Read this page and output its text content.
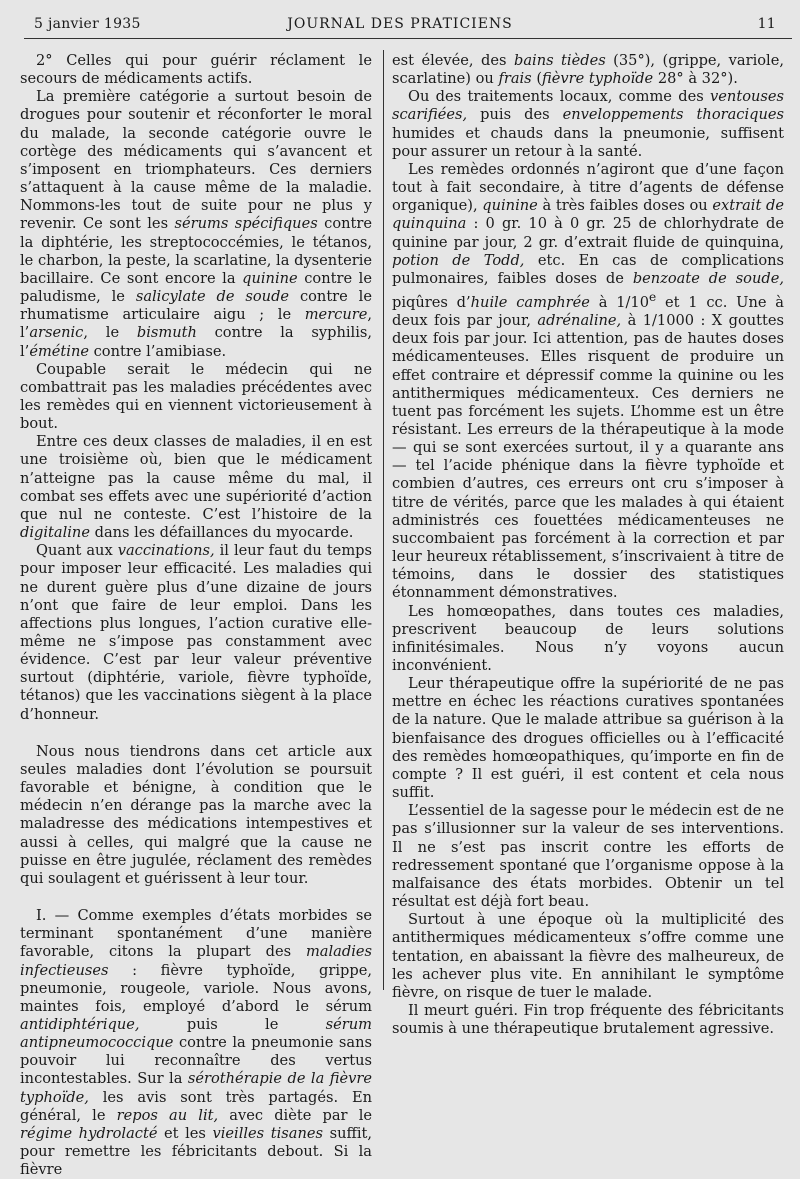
5 janvier 1935	JOURNAL DES PRATICIENS	11

2° Celles qui pour guérir réclament le secours de médicaments actifs.

La première catégorie a surtout besoin de drogues pour soutenir et réconforter le moral du malade, la seconde catégorie ouvre le cortège des médicaments qui s’avancent et s’imposent en triomphateurs. Ces derniers s’attaquent à la cause même de la maladie. Nommons-les tout de suite pour ne plus y revenir. Ce sont les sérums spécifiques contre la diphtérie, les streptococcémies, le tétanos, le charbon, la peste, la scarlatine, la dysenterie bacillaire. Ce sont encore la quinine contre le paludisme, le salicylate de soude contre le rhumatisme articulaire aigu ; le mercure, l’arsenic, le bismuth contre la syphilis, l’émétine contre l’amibiase.

Coupable serait le médecin qui ne combattrait pas les maladies précédentes avec les remèdes qui en viennent victorieusement à bout.

Entre ces deux classes de maladies, il en est une troisième où, bien que le médicament n’atteigne pas la cause même du mal, il combat ses effets avec une supériorité d’action que nul ne conteste. C’est l’histoire de la digitaline dans les défaillances du myocarde.

Quant aux vaccinations, il leur faut du temps pour imposer leur efficacité. Les maladies qui ne durent guère plus d’une dizaine de jours n’ont que faire de leur emploi. Dans les affections plus longues, l’action curative elle-même ne s’impose pas constamment avec évidence. C’est par leur valeur préventive surtout (diphtérie, variole, fièvre typhoïde, tétanos) que les vaccinations siègent à la place d’honneur.

Nous nous tiendrons dans cet article aux seules maladies dont l’évolution se poursuit favorable et bénigne, à condition que le médecin n’en dérange pas la marche avec la maladresse des médications intempestives et aussi à celles, qui malgré que la cause ne puisse en être jugulée, réclament des remèdes qui soulagent et guérissent à leur tour.

I. — Comme exemples d’états morbides se terminant spontanément d’une manière favorable, citons la plupart des maladies infectieuses : fièvre typhoïde, grippe, pneumonie, rougeole, variole. Nous avons, maintes fois, employé d’abord le sérum antidiphtérique, puis le sérum antipneumococcique contre la pneumonie sans pouvoir lui reconnaître des vertus incontestables. Sur la sérothérapie de la fièvre typhoïde, les avis sont très partagés. En général, le repos au lit, avec diète par le régime hydrolacté et les vieilles tisanes suffit, pour remettre les fébricitants debout. Si la fièvre

est élevée, des bains tièdes (35°), (grippe, variole, scarlatine) ou frais (fièvre typhoïde 28° à 32°).

Ou des traitements locaux, comme des ventouses scarifiées, puis des enveloppements thoraciques humides et chauds dans la pneumonie, suffisent pour assurer un retour à la santé.

Les remèdes ordonnés n’agiront que d’une façon tout à fait secondaire, à titre d’agents de défense organique), quinine à très faibles doses ou extrait de quinquina : 0 gr. 10 à 0 gr. 25 de chlorhydrate de quinine par jour, 2 gr. d’extrait fluide de quinquina, potion de Todd, etc. En cas de complications pulmonaires, faibles doses de benzoate de soude, piqûres d’huile camphrée à 1/10e et 1 cc. Une à deux fois par jour, adrénaline, à 1/1000 : X gouttes deux fois par jour. Ici attention, pas de hautes doses médicamenteuses. Elles risquent de produire un effet contraire et dépressif comme la quinine ou les antithermiques médicamenteux. Ces derniers ne tuent pas forcément les sujets. L’homme est un être résistant. Les erreurs de la thérapeutique à la mode — qui se sont exercées surtout, il y a quarante ans — tel l’acide phénique dans la fièvre typhoïde et combien d’autres, ces erreurs ont cru s’imposer à titre de vérités, parce que les malades à qui étaient administrés ces fouettées médicamenteuses ne succombaient pas forcément à la correction et par leur heureux rétablissement, s’inscrivaient à titre de témoins, dans le dossier des statistiques étonnamment démonstratives.

Les homœopathes, dans toutes ces maladies, prescrivent beaucoup de leurs solutions infinitésimales. Nous n’y voyons aucun inconvénient.

Leur thérapeutique offre la supériorité de ne pas mettre en échec les réactions curatives spontanées de la nature. Que le malade attribue sa guérison à la bienfaisance des drogues officielles ou à l’efficacité des remèdes homœopathiques, qu’importe en fin de compte ? Il est guéri, il est content et cela nous suffit.

L’essentiel de la sagesse pour le médecin est de ne pas s’illusionner sur la valeur de ses interventions. Il ne s’est pas inscrit contre les efforts de redressement spontané que l’organisme oppose à la malfaisance des états morbides. Obtenir un tel résultat est déjà fort beau.

Surtout à une époque où la multiplicité des antithermiques médicamenteux s’offre comme une tentation, en abaissant la fièvre des malheureux, de les achever plus vite. En annihilant le symptôme fièvre, on risque de tuer le malade.

Il meurt guéri. Fin trop fréquente des fébricitants soumis à une thérapeutique brutalement agressive.
